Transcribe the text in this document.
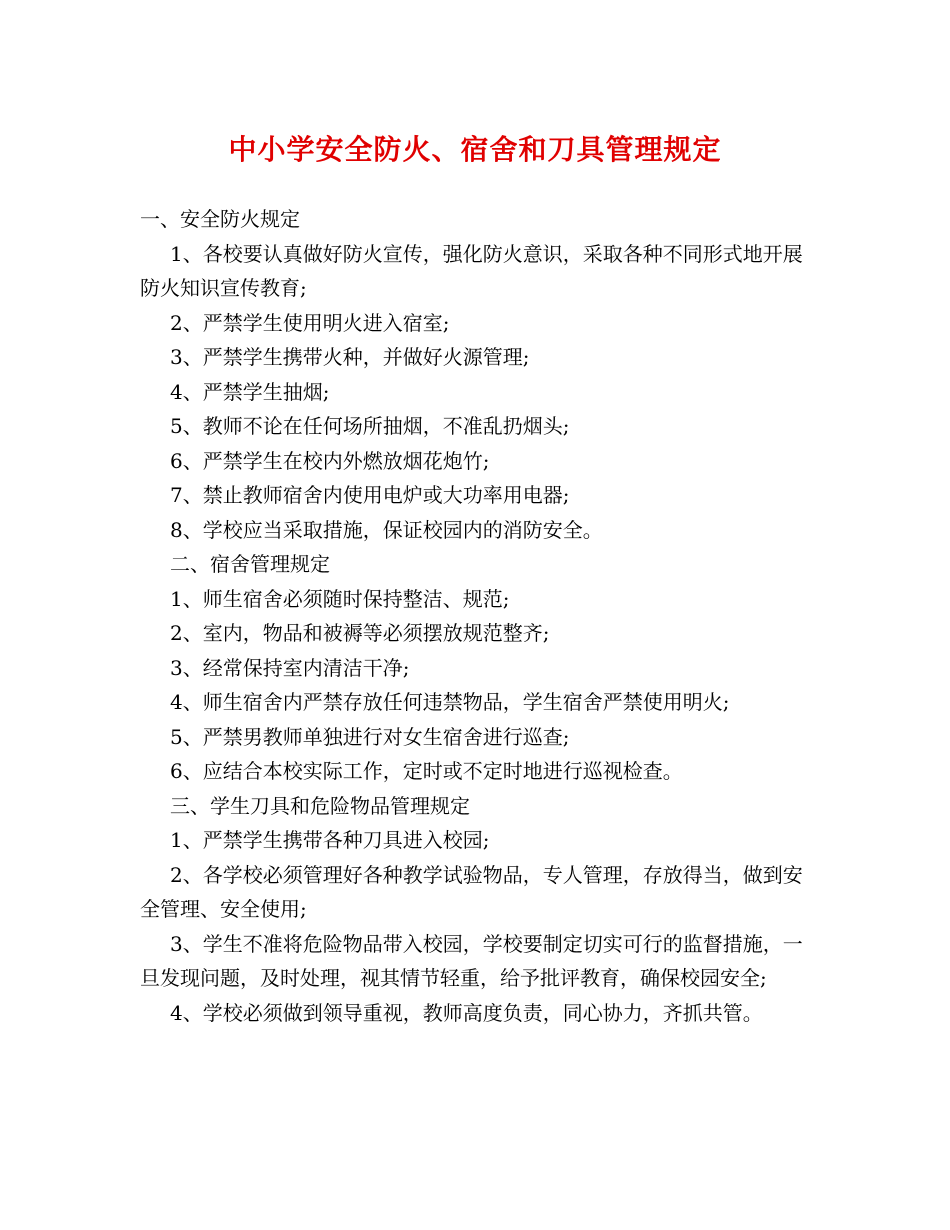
中小学安全防火、宿舍和刀具管理规定
一、安全防火规定
1、各校要认真做好防火宣传，强化防火意识，采取各种不同形式地开展防火知识宣传教育;
2、严禁学生使用明火进入宿室;
3、严禁学生携带火种，并做好火源管理;
4、严禁学生抽烟;
5、教师不论在任何场所抽烟，不准乱扔烟头;
6、严禁学生在校内外燃放烟花炮竹;
7、禁止教师宿舍内使用电炉或大功率用电器;
8、学校应当采取措施，保证校园内的消防安全。
二、宿舍管理规定
1、师生宿舍必须随时保持整洁、规范;
2、室内，物品和被褥等必须摆放规范整齐;
3、经常保持室内清洁干净;
4、师生宿舍内严禁存放任何违禁物品，学生宿舍严禁使用明火;
5、严禁男教师单独进行对女生宿舍进行巡查;
6、应结合本校实际工作，定时或不定时地进行巡视检查。
三、学生刀具和危险物品管理规定
1、严禁学生携带各种刀具进入校园;
2、各学校必须管理好各种教学试验物品，专人管理，存放得当，做到安全管理、安全使用;
3、学生不准将危险物品带入校园，学校要制定切实可行的监督措施，一旦发现问题，及时处理，视其情节轻重，给予批评教育，确保校园安全;
4、学校必须做到领导重视，教师高度负责，同心协力，齐抓共管。
